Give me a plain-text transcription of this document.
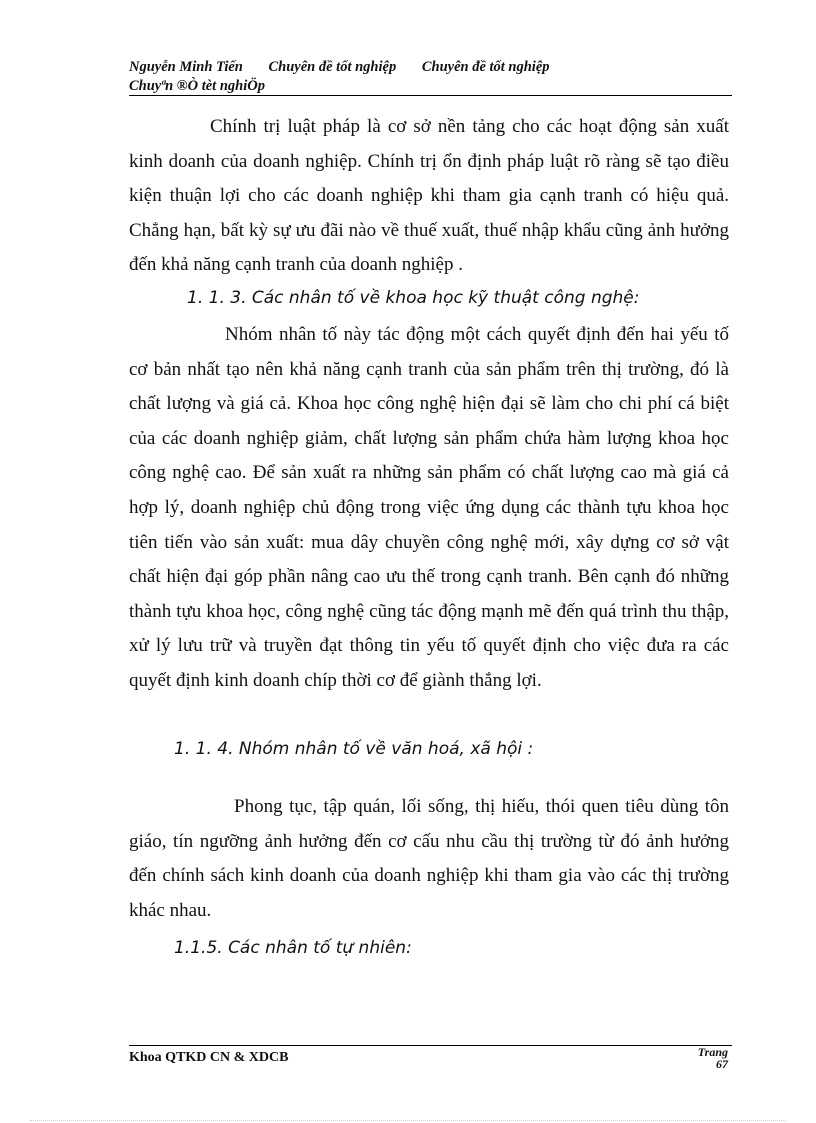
Nguyễn Minh Tiến Chuyên đề tốt nghiệp Chuyên đề tốt nghiệp
Chuyªn ®Ò tèt nghiÖp
Chính trị luật pháp là cơ sở nền tảng cho các hoạt động sản xuất kinh doanh của doanh nghiệp. Chính trị ổn định pháp luật rõ ràng sẽ tạo điều kiện thuận lợi cho các doanh nghiệp khi tham gia cạnh tranh có hiệu quả. Chẳng hạn, bất kỳ sự ưu đãi nào về thuế xuất, thuế nhập khẩu cũng ảnh hưởng đến khả năng cạnh tranh của doanh nghiệp .
1. 1. 3. Các nhân tố về khoa học kỹ thuật công nghệ:
Nhóm nhân tố này tác động một cách quyết định đến hai yếu tố cơ bản nhất tạo nên khả năng cạnh tranh của sản phẩm trên thị trường, đó là chất lượng và giá cả. Khoa học công nghệ hiện đại sẽ làm cho chi phí cá biệt của các doanh nghiệp giảm, chất lượng sản phẩm chứa hàm lượng khoa học công nghệ cao. Để sản xuất ra những sản phẩm có chất lượng cao mà giá cả hợp lý, doanh nghiệp chủ động trong việc ứng dụng các thành tựu khoa học tiên tiến vào sản xuất: mua dây chuyền công nghệ mới, xây dựng cơ sở vật chất hiện đại góp phần nâng cao ưu thế trong cạnh tranh. Bên cạnh đó những thành tựu khoa học, công nghệ cũng tác động mạnh mẽ đến quá trình thu thập, xử lý lưu trữ và truyền đạt thông tin yếu tố quyết định cho việc đưa ra các quyết định kinh doanh chíp thời cơ để giành thắng lợi.
1. 1. 4. Nhóm nhân tố về văn hoá, xã hội :
Phong tục, tập quán, lối sống, thị hiếu, thói quen tiêu dùng tôn giáo, tín ngưỡng ảnh hưởng đến cơ cấu nhu cầu thị trường từ đó ảnh hưởng đến chính sách kinh doanh của doanh nghiệp khi tham gia vào các thị trường khác nhau.
1.1.5. Các nhân tố tự nhiên:
Khoa QTKD CN & XDCB	Trang
67
